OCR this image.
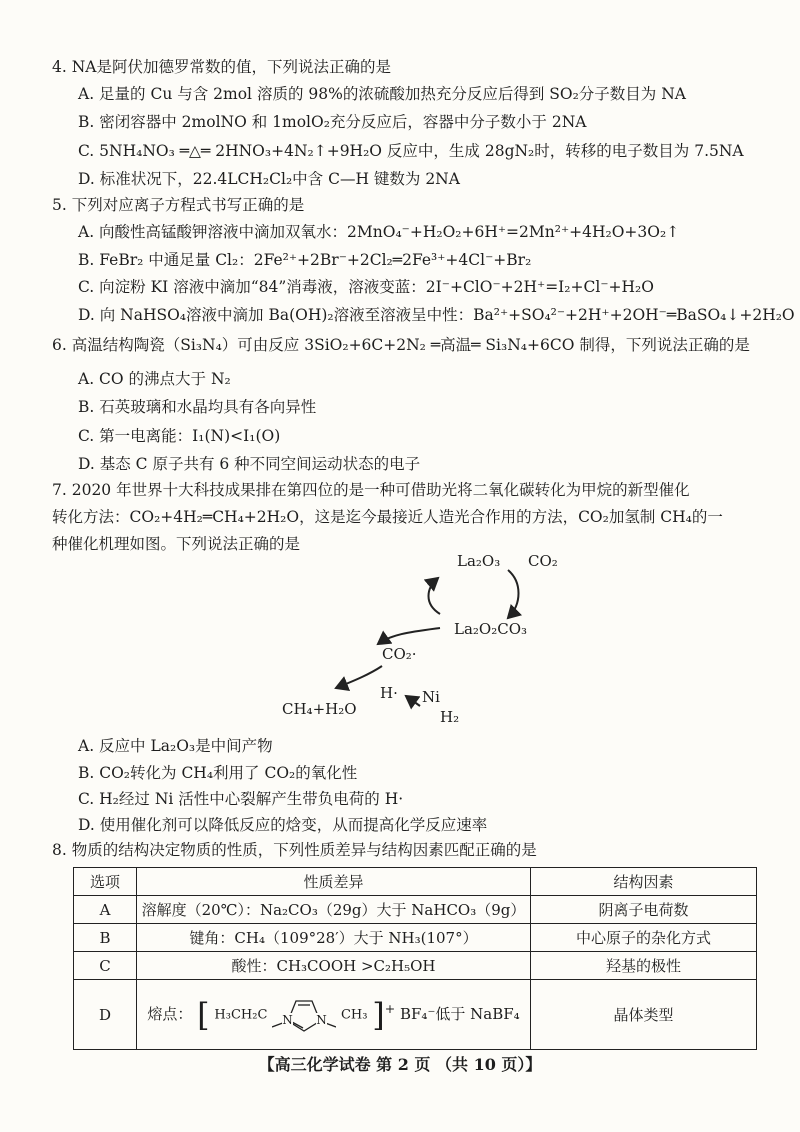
4. NA是阿伏加德罗常数的值，下列说法正确的是
A. 足量的 Cu 与含 2mol 溶质的 98%的浓硫酸加热充分反应后得到 SO₂分子数目为 NA
B. 密闭容器中 2molNO 和 1molO₂充分反应后，容器中分子数小于 2NA
C. 5NH₄NO₃ ═△═ 2HNO₃+4N₂↑+9H₂O 反应中，生成 28gN₂时，转移的电子数目为 7.5NA
D. 标准状况下，22.4LCH₂Cl₂中含 C—H 键数为 2NA
5. 下列对应离子方程式书写正确的是
A. 向酸性高锰酸钾溶液中滴加双氧水：2MnO₄⁻+H₂O₂+6H⁺=2Mn²⁺+4H₂O+3O₂↑
B. FeBr₂ 中通足量 Cl₂：2Fe²⁺+2Br⁻+2Cl₂═2Fe³⁺+4Cl⁻+Br₂
C. 向淀粉 KI 溶液中滴加“84”消毒液，溶液变蓝：2I⁻+ClO⁻+2H⁺=I₂+Cl⁻+H₂O
D. 向 NaHSO₄溶液中滴加 Ba(OH)₂溶液至溶液呈中性：Ba²⁺+SO₄²⁻+2H⁺+2OH⁻═BaSO₄↓+2H₂O
6. 高温结构陶瓷（Si₃N₄）可由反应 3SiO₂+6C+2N₂ ═高温═ Si₃N₄+6CO 制得，下列说法正确的是
A. CO 的沸点大于 N₂
B. 石英玻璃和水晶均具有各向异性
C. 第一电离能：I₁(N)<I₁(O)
D. 基态 C 原子共有 6 种不同空间运动状态的电子
7. 2020 年世界十大科技成果排在第四位的是一种可借助光将二氧化碳转化为甲烷的新型催化
转化方法：CO₂+4H₂═CH₄+2H₂O，这是迄今最接近人造光合作用的方法，CO₂加氢制 CH₄的一
种催化机理如图。下列说法正确的是
La₂O₃ CO₂
La₂O₂CO₃
CO₂·
H· Ni
H₂
CH₄+H₂O
A. 反应中 La₂O₃是中间产物
B. CO₂转化为 CH₄利用了 CO₂的氧化性
C. H₂经过 Ni 活性中心裂解产生带负电荷的 H·
D. 使用催化剂可以降低反应的焓变，从而提高化学反应速率
8. 物质的结构决定物质的性质，下列性质差异与结构因素匹配正确的是
选项	性质差异	结构因素
A	溶解度（20℃）：Na₂CO₃（29g）大于 NaHCO₃（9g）	阴离子电荷数
B	键角：CH₄（109°28′）大于 NH₃(107°）	中心原子的杂化方式
C	酸性：CH₃COOH >C₂H₅OH	羟基的极性
D	熔点： [ H₃CH₂C N N CH₃ ]+ BF₄⁻低于 NaBF₄	晶体类型
【高三化学试卷 第 2 页 （共 10 页）】
